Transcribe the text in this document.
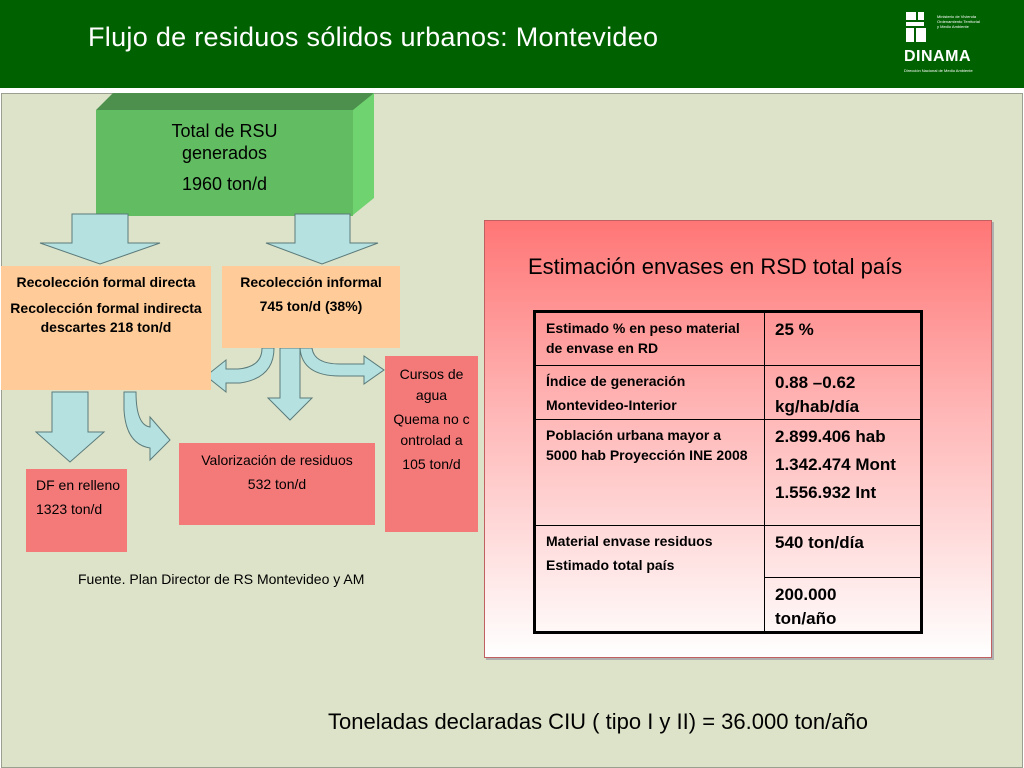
Flujo de residuos sólidos urbanos: Montevideo
Ministerio de Vivienda
Ordenamiento Territorial
y Medio Ambiente
DINAMA
Dirección Nacional de Medio Ambiente

Total de RSU

generados

1960 ton/d

Recolección formal directa

Recolección formal indirecta descartes 218 ton/d

Recolección informal

745 ton/d (38%)

DF en relleno

1323 ton/d

Valorización de residuos

532 ton/d

Cursos de agua

Quema no controlad a

105 ton/d

Fuente. Plan Director de RS Montevideo y AM
Estimación envases en RSD total país

Estimado % en peso material de envase en RD	25 %

Índice de generación

Montevideo-Interior	0.88 –0.62 kg/hab/día

Población urbana mayor a 5000 hab Proyección INE 2008	2.899.406 hab

1.342.474 Mont

1.556.932 Int

Material envase residuos

Estimado total país	540 ton/día

	200.000 ton/año

Toneladas declaradas CIU ( tipo I y II) = 36.000 ton/año
